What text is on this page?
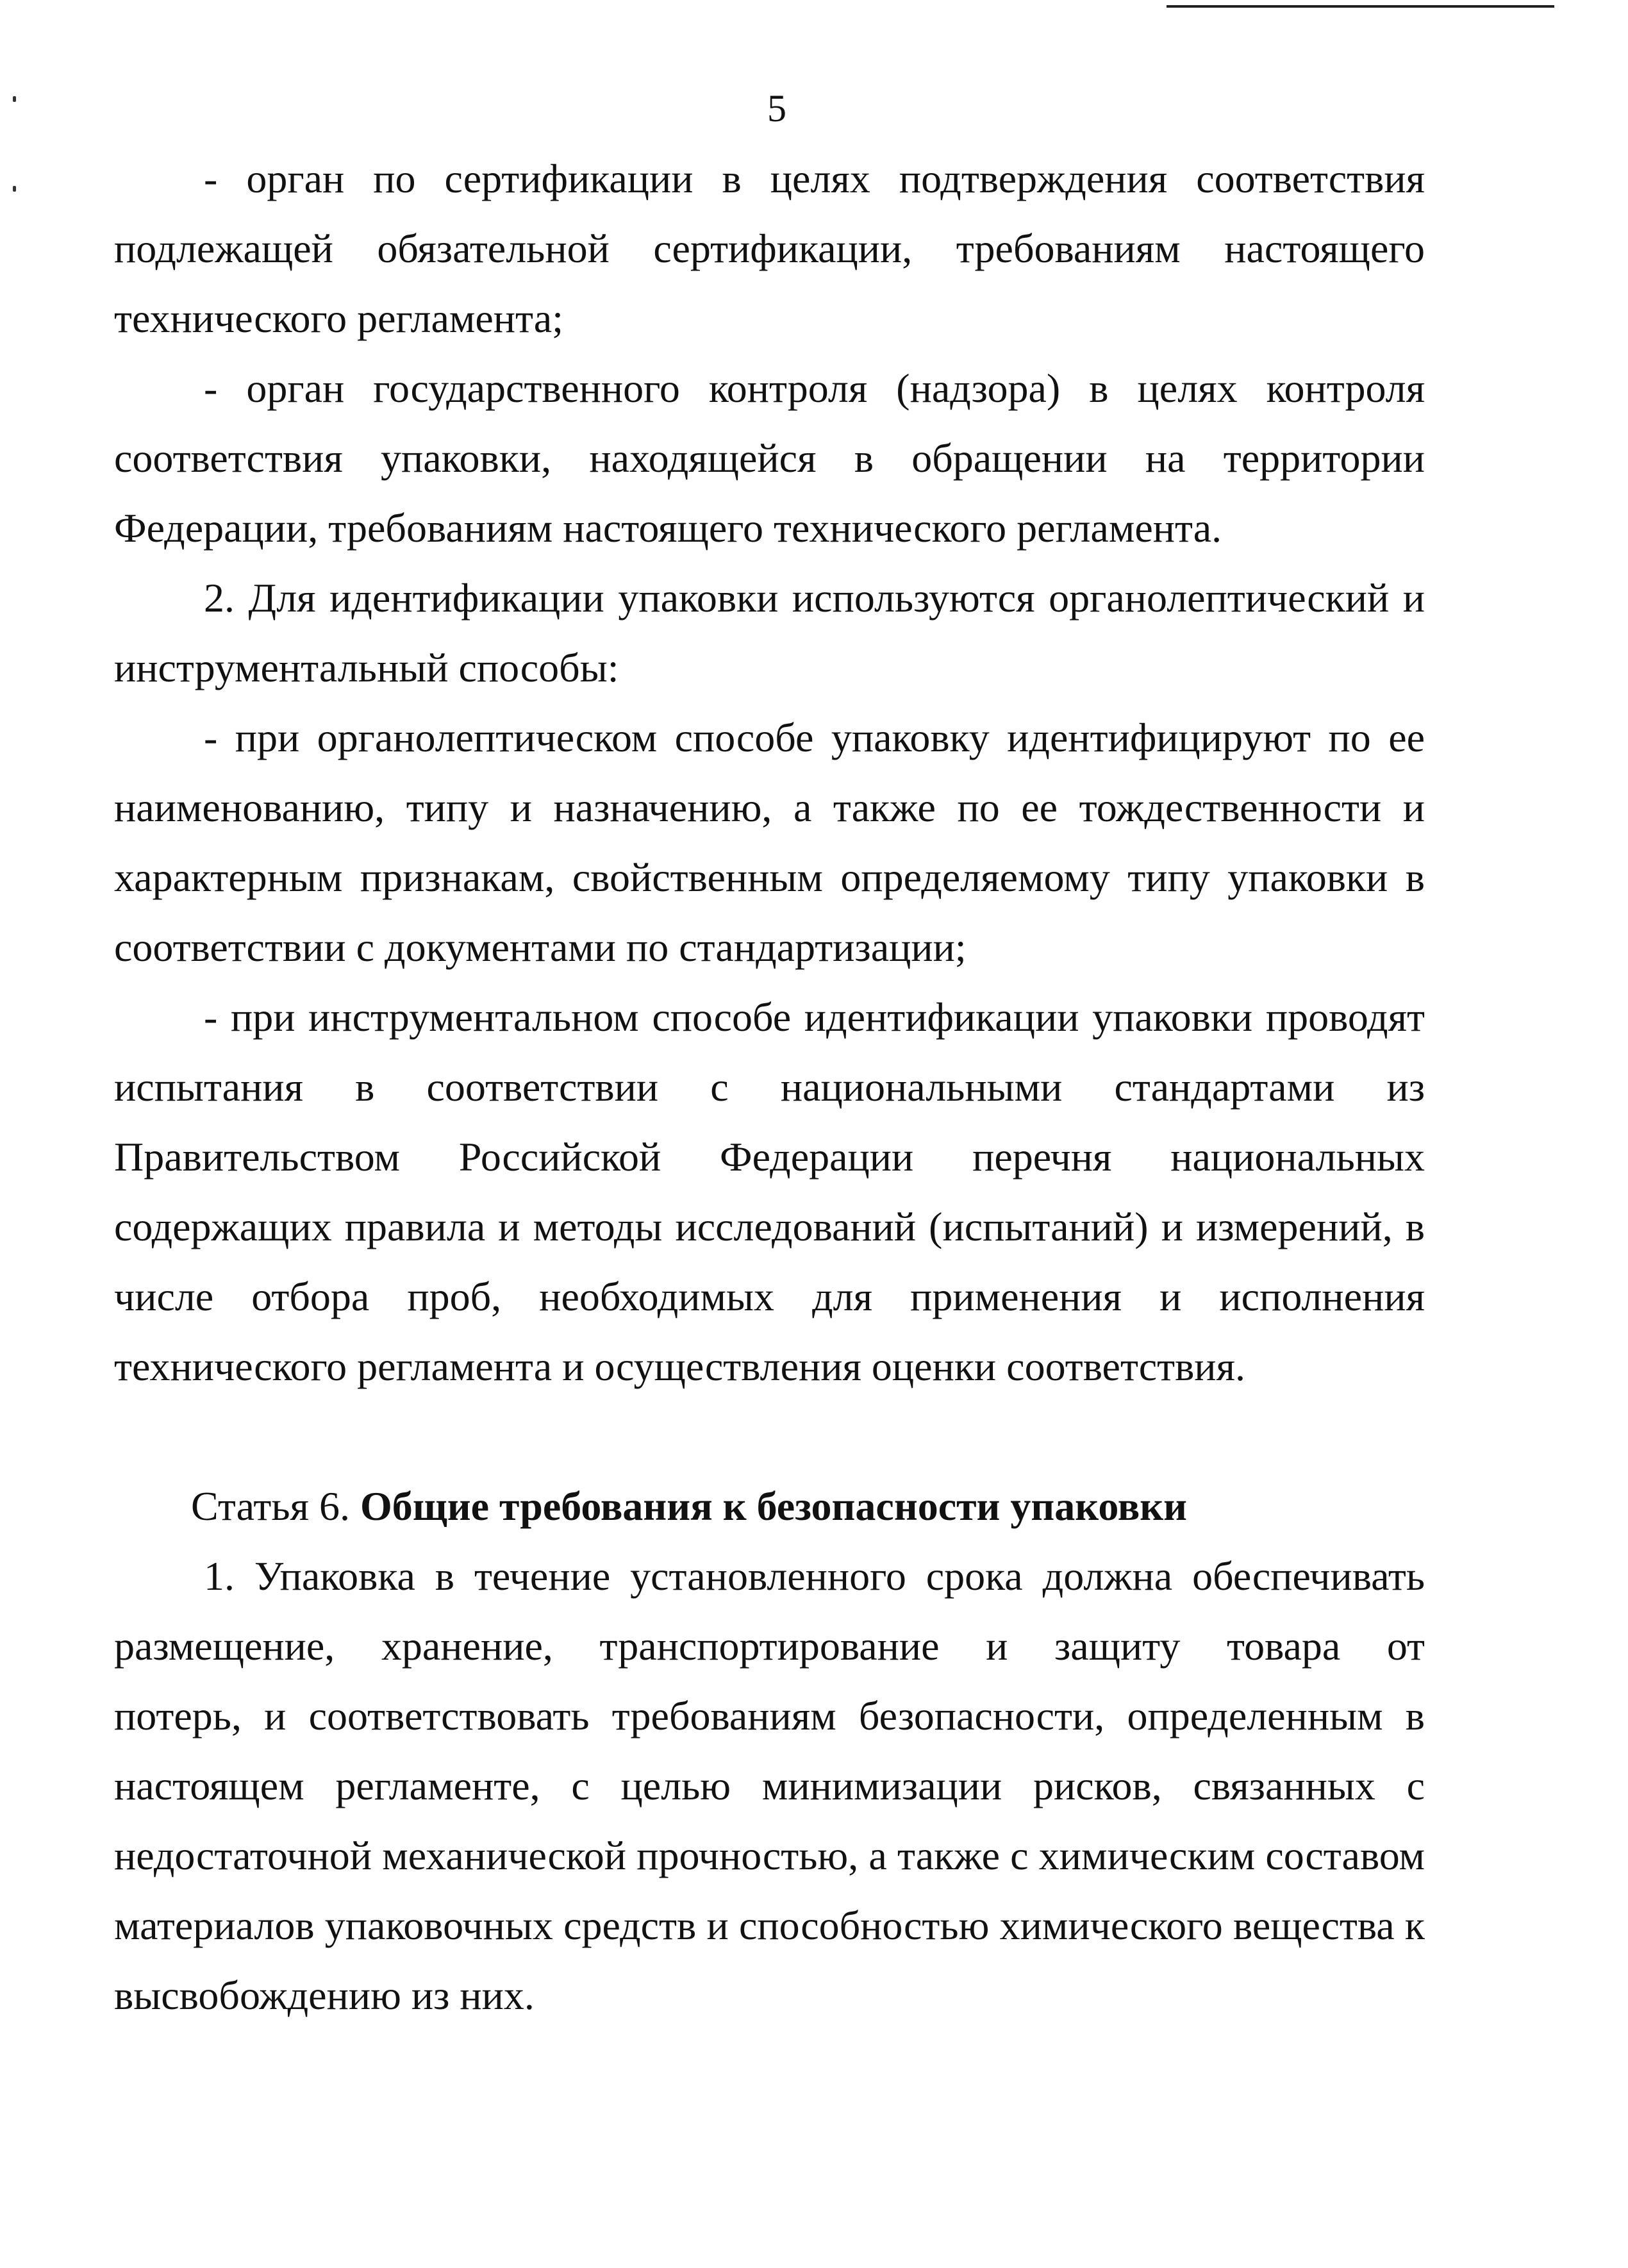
5
- орган по сертификации в целях подтверждения соответствия
подлежащей обязательной сертификации, требованиям настоящего
технического регламента;
- орган государственного контроля (надзора) в целях контроля
соответствия упаковки, находящейся в обращении на территории
Федерации, требованиям настоящего технического регламента.
2. Для идентификации упаковки используются органолептический и
инструментальный способы:
- при органолептическом способе упаковку идентифицируют по ее
наименованию, типу и назначению, а также по ее тождественности и
характерным признакам, свойственным определяемому типу упаковки в
соответствии с документами по стандартизации;
- при инструментальном способе идентификации упаковки проводят
испытания в соответствии с национальными стандартами из
Правительством Российской Федерации перечня национальных
содержащих правила и методы исследований (испытаний) и измерений, в
числе отбора проб, необходимых для применения и исполнения
технического регламента и осуществления оценки соответствия.
Статья 6. Общие требования к безопасности упаковки
1. Упаковка в течение установленного срока должна обеспечивать
размещение, хранение, транспортирование и защиту товара от
потерь, и соответствовать требованиям безопасности, определенным в
настоящем регламенте, с целью минимизации рисков, связанных с
недостаточной механической прочностью, а также с химическим составом
материалов упаковочных средств и способностью химического вещества к
высвобождению из них.
